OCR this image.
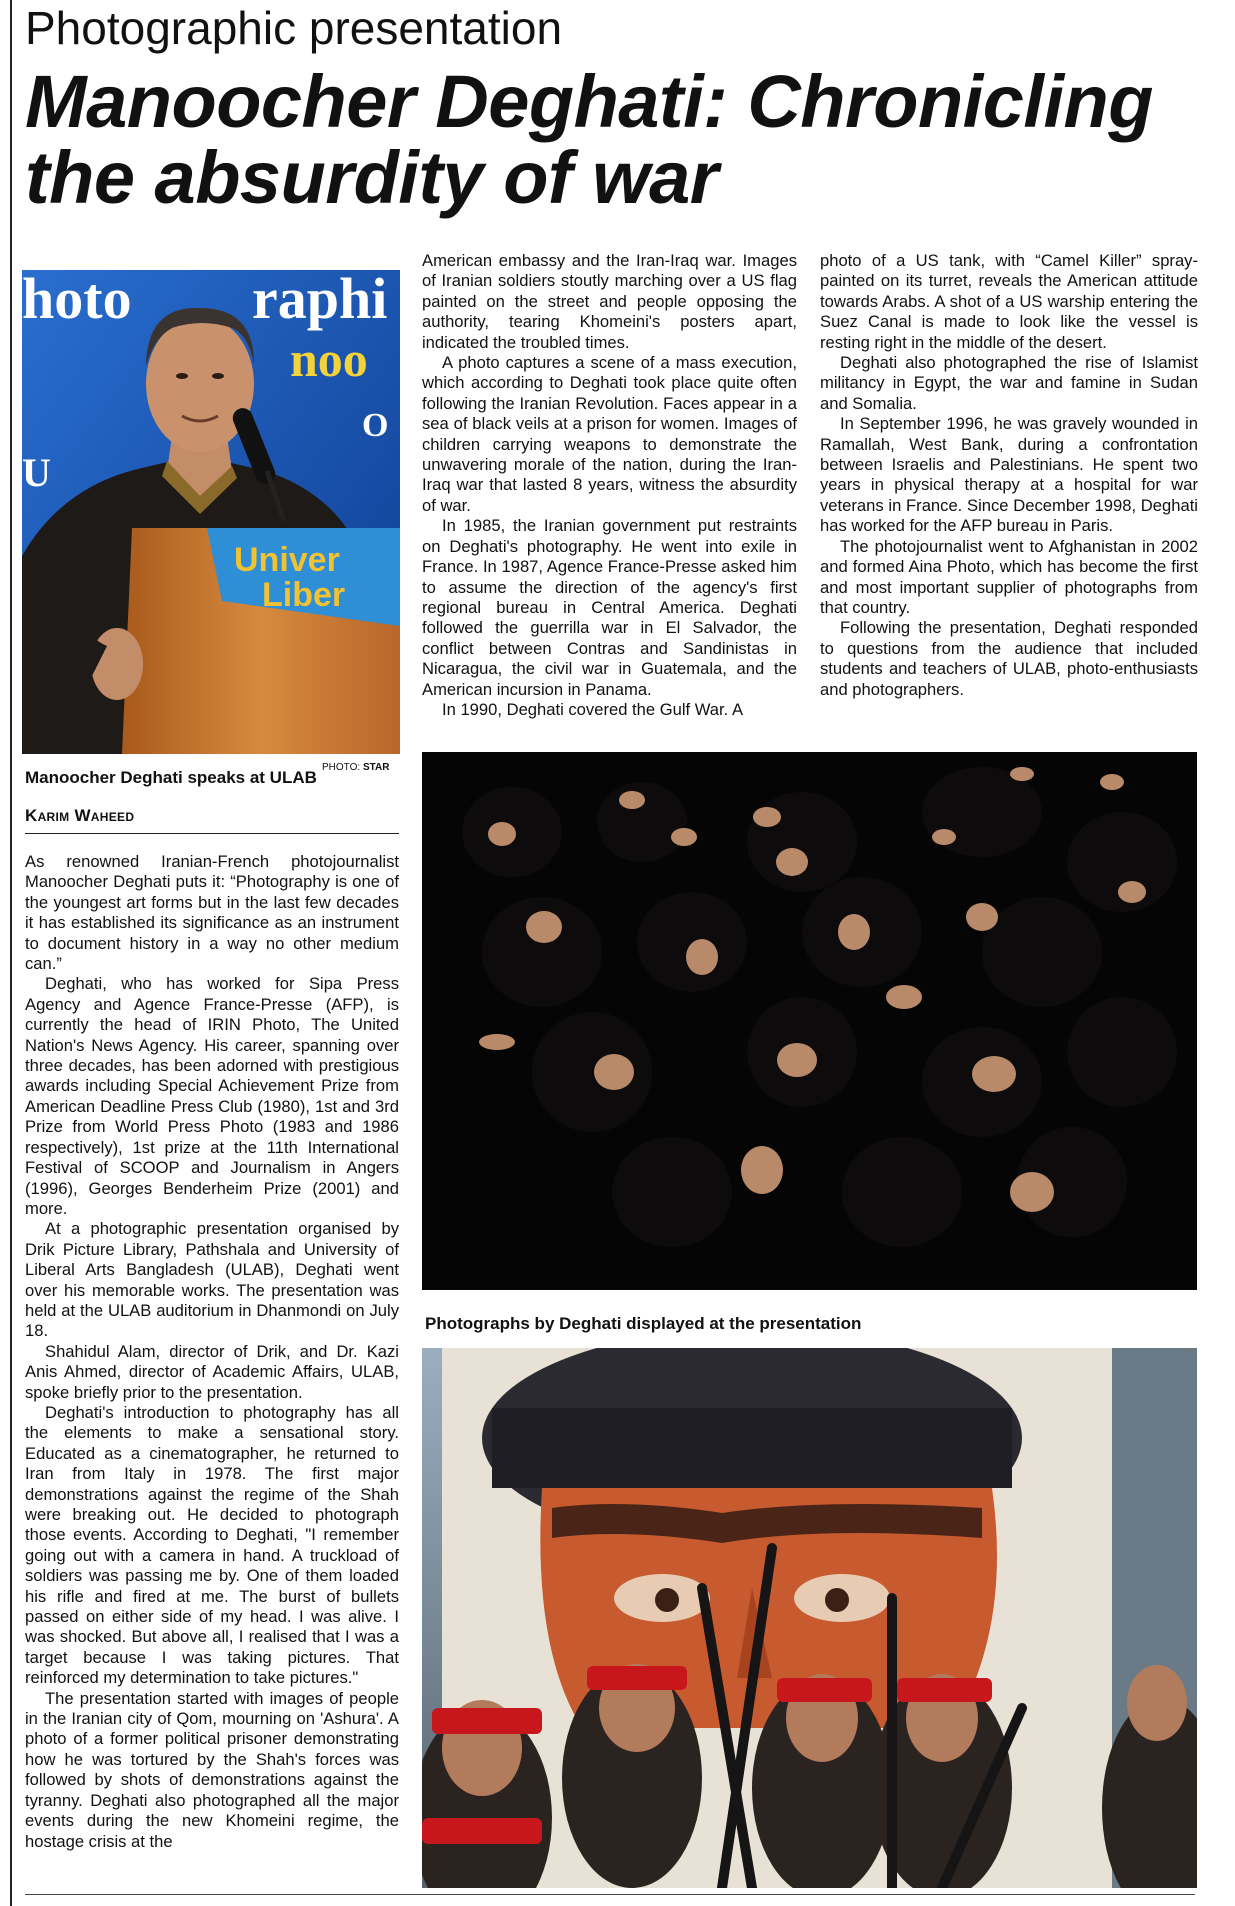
Photographic presentation
Manoocher Deghati: Chronicling the absurdity of war
hoto raphi
noo
O
U
Univer
Liber
Manoocher Deghati speaks at ULAB
PHOTO: STAR
Karim Waheed

As renowned Iranian-French photojournalist Manoocher Deghati puts it: “Photography is one of the youngest art forms but in the last few decades it has established its significance as an instrument to document history in a way no other medium can.”

Deghati, who has worked for Sipa Press Agency and Agence France-Presse (AFP), is currently the head of IRIN Photo, The United Nation's News Agency. His career, spanning over three decades, has been adorned with prestigious awards including Special Achievement Prize from American Deadline Press Club (1980), 1st and 3rd Prize from World Press Photo (1983 and 1986 respectively), 1st prize at the 11th International Festival of SCOOP and Journalism in Angers (1996), Georges Benderheim Prize (2001) and more.

At a photographic presentation organised by Drik Picture Library, Pathshala and University of Liberal Arts Bangladesh (ULAB), Deghati went over his memorable works. The presentation was held at the ULAB auditorium in Dhanmondi on July 18.

Shahidul Alam, director of Drik, and Dr. Kazi Anis Ahmed, director of Academic Affairs, ULAB, spoke briefly prior to the presentation.

Deghati's introduction to photography has all the elements to make a sensational story. Educated as a cinematographer, he returned to Iran from Italy in 1978. The first major demonstrations against the regime of the Shah were breaking out. He decided to photograph those events. According to Deghati, "I remember going out with a camera in hand. A truckload of soldiers was passing me by. One of them loaded his rifle and fired at me. The burst of bullets passed on either side of my head. I was alive. I was shocked. But above all, I realised that I was a target because I was taking pictures. That reinforced my determination to take pictures."

The presentation started with images of people in the Iranian city of Qom, mourning on 'Ashura'. A photo of a former political prisoner demonstrating how he was tortured by the Shah's forces was followed by shots of demonstrations against the tyranny. Deghati also photographed all the major events during the new Khomeini regime, the hostage crisis at the

American embassy and the Iran-Iraq war. Images of Iranian soldiers stoutly marching over a US flag painted on the street and people opposing the authority, tearing Khomeini's posters apart, indicated the troubled times.

A photo captures a scene of a mass execution, which according to Deghati took place quite often following the Iranian Revolution. Faces appear in a sea of black veils at a prison for women. Images of children carrying weapons to demonstrate the unwavering morale of the nation, during the Iran-Iraq war that lasted 8 years, witness the absurdity of war.

In 1985, the Iranian government put restraints on Deghati's photography. He went into exile in France. In 1987, Agence France-Presse asked him to assume the direction of the agency's first regional bureau in Central America. Deghati followed the guerrilla war in El Salvador, the conflict between Contras and Sandinistas in Nicaragua, the civil war in Guatemala, and the American incursion in Panama.

In 1990, Deghati covered the Gulf War. A

photo of a US tank, with “Camel Killer” spray-painted on its turret, reveals the American attitude towards Arabs. A shot of a US warship entering the Suez Canal is made to look like the vessel is resting right in the middle of the desert.

Deghati also photographed the rise of Islamist militancy in Egypt, the war and famine in Sudan and Somalia.

In September 1996, he was gravely wounded in Ramallah, West Bank, during a confrontation between Israelis and Palestinians. He spent two years in physical therapy at a hospital for war veterans in France. Since December 1998, Deghati has worked for the AFP bureau in Paris.

The photojournalist went to Afghanistan in 2002 and formed Aina Photo, which has become the first and most important supplier of photographs from that country.

Following the presentation, Deghati responded to questions from the audience that included students and teachers of ULAB, photo-enthusiasts and photographers.

Photographs by Deghati displayed at the presentation
